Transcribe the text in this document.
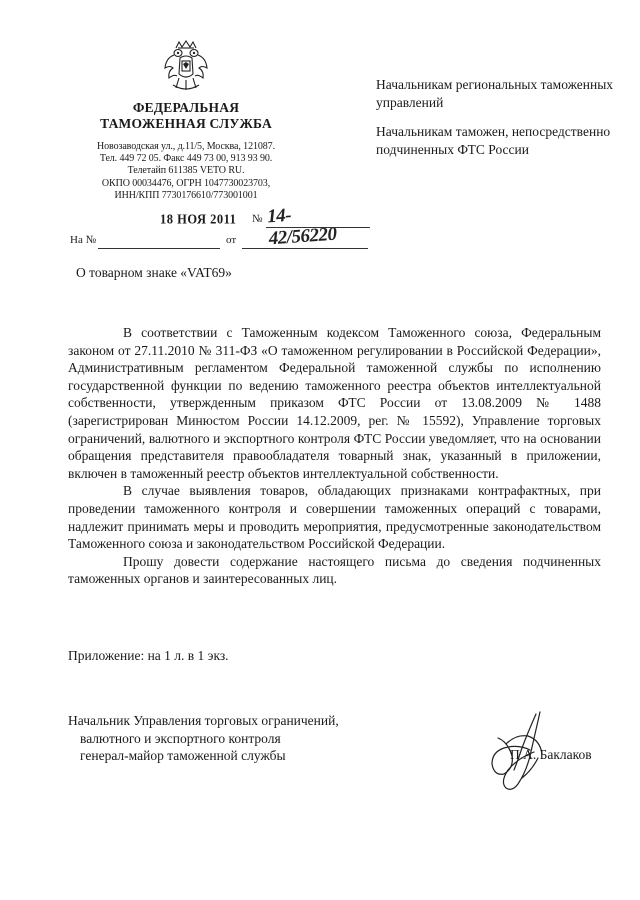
ФЕДЕРАЛЬНАЯ
ТАМОЖЕННАЯ СЛУЖБА
Новозаводская ул., д.11/5, Москва, 121087.
Тел. 449 72 05. Факс 449 73 00, 913 93 90.
Телетайп 611385 VETO RU.
ОКПО 00034476, ОГРН 1047730023703,
ИНН/КПП 7730176610/773001001
18 НОЯ 2011 № 14-42/56220
На №	от
Начальникам региональных таможенных управлений
Начальникам таможен, непосредственно подчиненных ФТС России
О товарном знаке «VAT69»

В соответствии с Таможенным кодексом Таможенного союза, Федеральным законом от 27.11.2010 № 311-ФЗ «О таможенном регулировании в Российской Федерации», Административным регламентом Федеральной таможенной службы по исполнению государственной функции по ведению таможенного реестра объектов интеллектуальной собственности, утвержденным приказом ФТС России от 13.08.2009 № 1488 (зарегистрирован Минюстом России 14.12.2009, рег. № 15592), Управление торговых ограничений, валютного и экспортного контроля ФТС России уведомляет, что на основании обращения представителя правообладателя товарный знак, указанный в приложении, включен в таможенный реестр объектов интеллектуальной собственности.

В случае выявления товаров, обладающих признаками контрафактных, при проведении таможенного контроля и совершении таможенных операций с товарами, надлежит принимать меры и проводить мероприятия, предусмотренные законодательством Таможенного союза и законодательством Российской Федерации.

Прошу довести содержание настоящего письма до сведения подчиненных таможенных органов и заинтересованных лиц.

Приложение: на 1 л. в 1 экз.
Начальник Управления торговых ограничений,
валютного и экспортного контроля
генерал-майор таможенной службы	П.А. Баклаков
